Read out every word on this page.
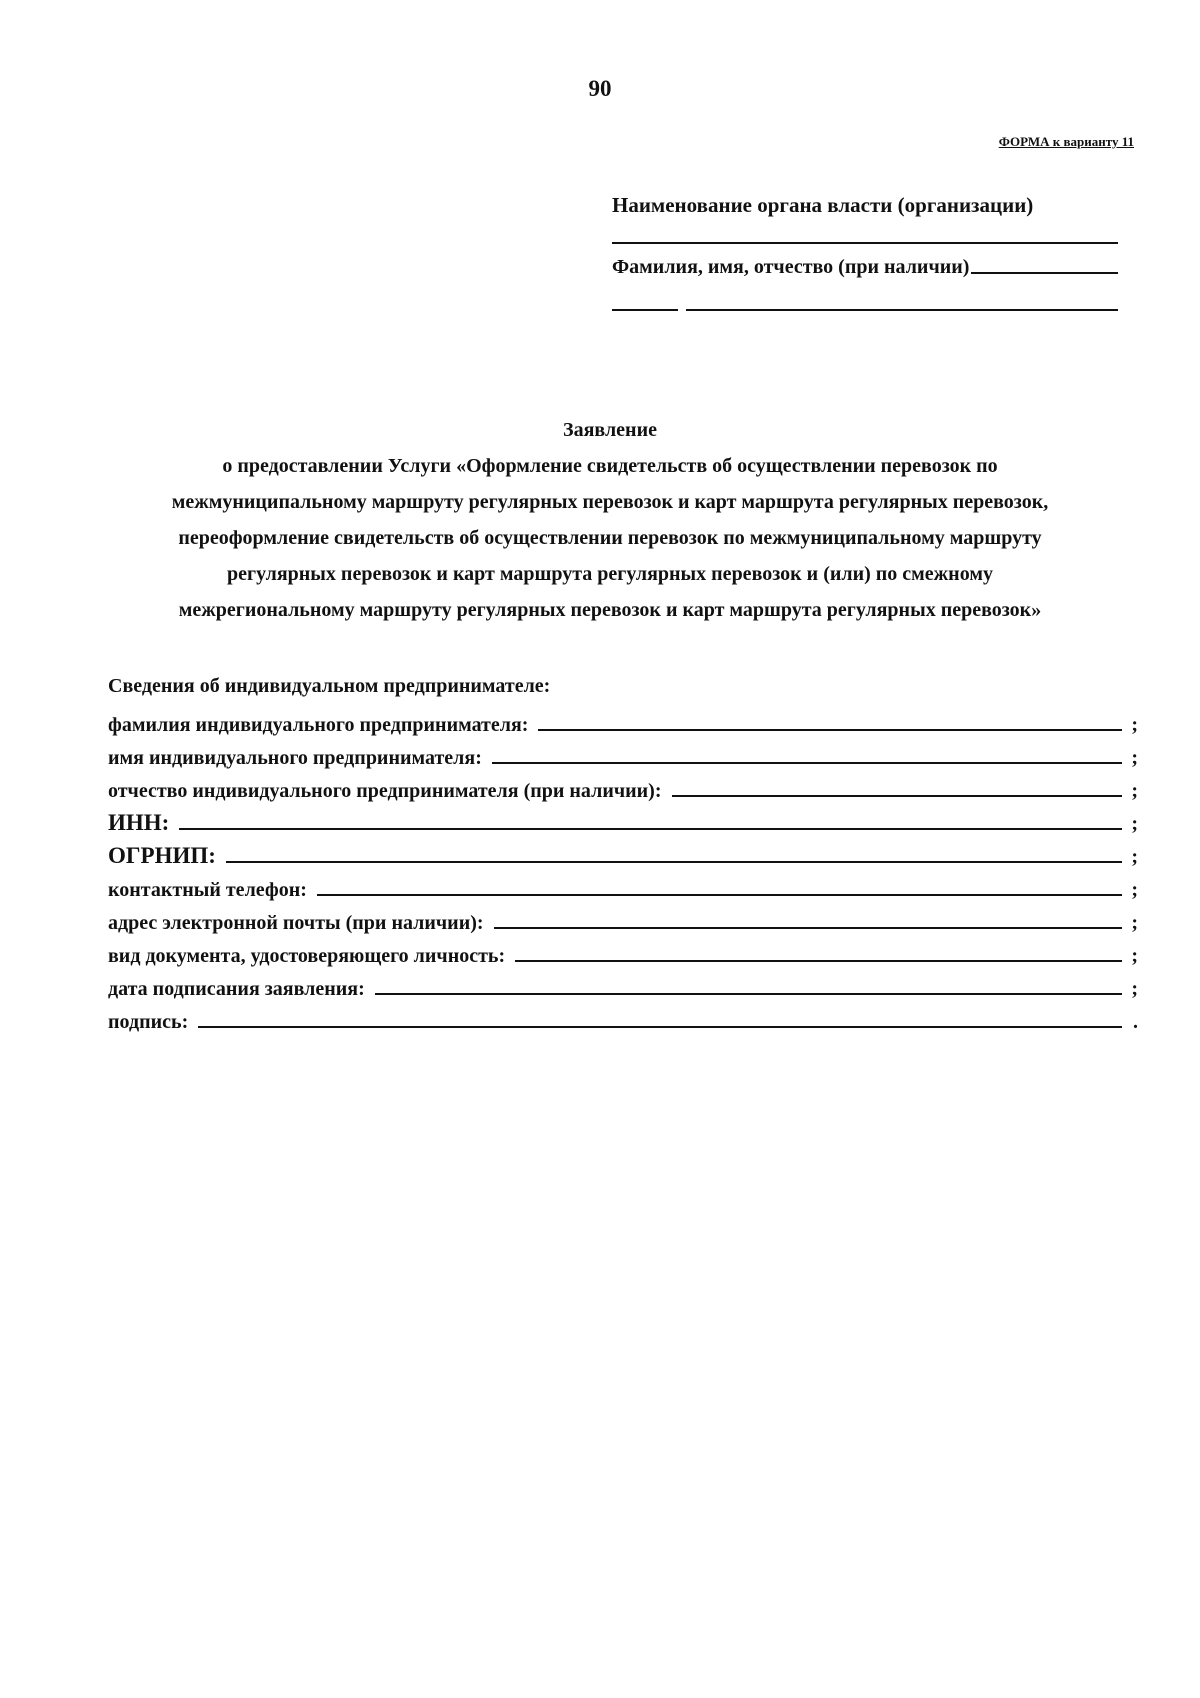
90
ФОРМА к варианту 11

Наименование органа власти (организации)

Фамилия, имя, отчество (при наличии)
Заявление
о предоставлении Услуги «Оформление свидетельств об осуществлении перевозок по
межмуниципальному маршруту регулярных перевозок и карт маршрута регулярных перевозок,
переоформление свидетельств об осуществлении перевозок по межмуниципальному маршруту
регулярных перевозок и карт маршрута регулярных перевозок и (или) по смежному
межрегиональному маршруту регулярных перевозок и карт маршрута регулярных перевозок»
Сведения об индивидуальном предпринимателе:
фамилия индивидуального предпринимателя:	;
имя индивидуального предпринимателя:	;
отчество индивидуального предпринимателя (при наличии):	;
ИНН:	;
ОГРНИП:	;
контактный телефон:	;
адрес электронной почты (при наличии):	;
вид документа, удостоверяющего личность:	;
дата подписания заявления:	;
подпись:	.
